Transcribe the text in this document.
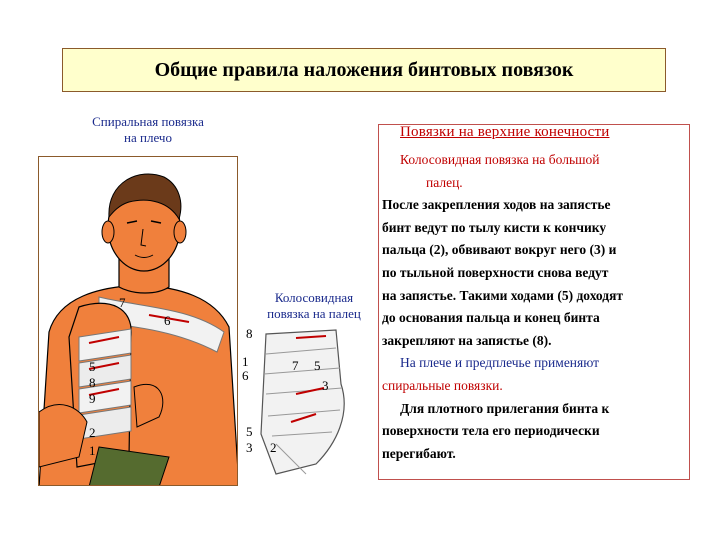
Общие правила наложения бинтовых повязок
Спиральная повязка
на плечо
7
6
5
8
9
2
1
Колосовидная
повязка на палец
8
1
6
7 5
3
5
3 2
Повязки на верхние конечности

Колосовидная повязка на большой

палец.

После закрепления ходов на запястье

бинт ведут по тылу кисти к кончику

пальца (2), обвивают вокруг него (3) и

по тыльной поверхности снова ведут

на запястье. Такими ходами (5) доходят

до основания пальца и конец бинта

закрепляют на запястье (8).

На плече и предплечье применяют

спиральные повязки.

Для плотного прилегания бинта к

поверхности тела его периодически

перегибают.
